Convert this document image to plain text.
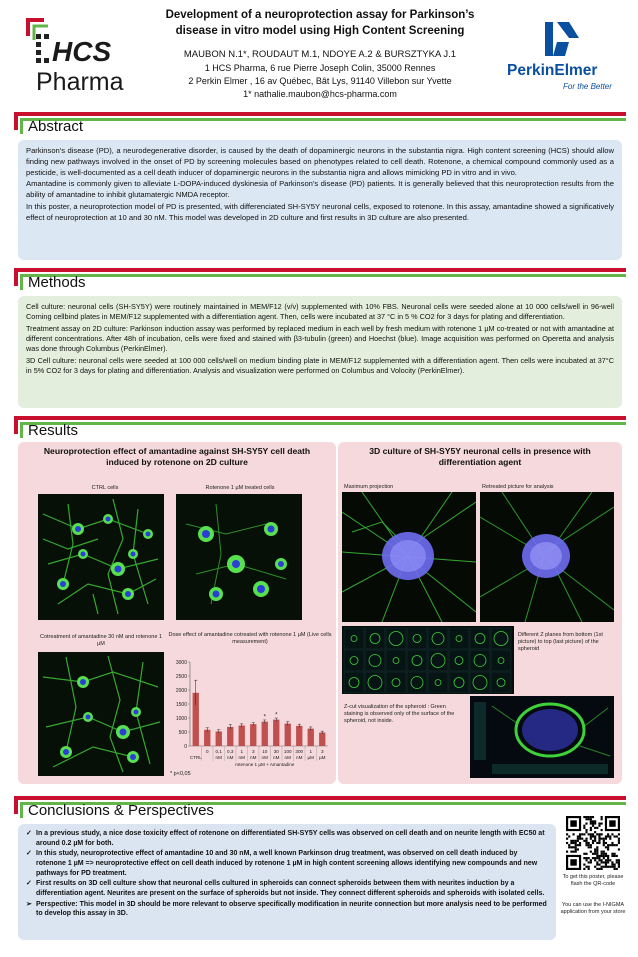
HCS
Pharma
Development of a neuroprotection assay for Parkinson’s
disease in vitro model using High Content Screening
MAUBON N.1*, ROUDAUT M.1, NDOYE A.2 & BURSZTYKA J.1
1 HCS Pharma, 6 rue Pierre Joseph Colin, 35000 Rennes
2 Perkin Elmer , 16 av Québec, Bât Lys, 91140 Villebon sur Yvette
1* nathalie.maubon@hcs-pharma.com
PerkinElmer
For the Better
Abstract

Parkinson's disease (PD), a neurodegenerative disorder, is caused by the death of dopaminergic neurons in the substantia nigra. High content screening (HCS) should allow finding new pathways involved in the onset of PD by screening molecules based on phenotypes related to cell death. Rotenone, a chemical compound commonly used as a pesticide, is well-documented as a cell death inducer of dopaminergic neurons in the substantia nigra and allows mimicking PD in vitro and in vivo.

Amantadine is commonly given to alleviate L-DOPA-induced dyskinesia of Parkinson’s disease (PD) patients. It is generally believed that this neuroprotection results from the ability of amantadine to inhibit glutamatergic NMDA receptor.

In this poster, a neuroprotection model of PD is presented, with differenciated SH-SY5Y neuronal cells, exposed to rotenone. In this assay, amantadine showed a significatively effect of neuroprotection at 10 and 30 nM. This model was developed in 2D culture and first results in 3D culture are also presented.

Methods

Cell culture: neuronal cells (SH-SY5Y) were routinely maintained in MEM/F12 (v/v) supplemented with 10% FBS. Neuronal cells were seeded alone at 10 000 cells/well in 96-well Corning cellbind plates in MEM/F12 supplemented with a differentiation agent. Then, cells were incubated at 37 °C in 5 % CO2 for 3 days for plating and differentiation.

Treatment assay on 2D culture: Parkinson induction assay was performed by replaced medium in each well by fresh medium with rotenone 1 µM co-treated or not with amantadine at different concentrations. After 48h of incubation, cells were fixed and stained with β3-tubulin (green) and Hoechst (blue). Image acquisition was performed on Operetta and analysis was done through Columbus (PerkinElmer).

3D Cell culture: neuronal cells were seeded at 100 000 cells/well on medium binding plate in MEM/F12 supplemented with a differentiation agent. Then cells were incubated at 37°C in 5% CO2 for 3 days for plating and differentiation. Analysis and visualization were performed on Columbus and Volocity (PerkinElmer).

Results
Neuroprotection effect of amantadine against SH-SY5Y cell death induced by rotenone on 2D culture
CTRL cells	Rotenone 1 µM treated cells
Cotreatment of amantadine 30 nM and rotenone 1 µM
Dose effect of amantadine cotreated with rotenone 1 µM (Live cells measurement)
0
500
1000
1500
2000
2500
3000
CTRL
0 0,1
nM
0,3
nM
1
nM
3
nM
*
10
nM
*
30
nM
100
nM
300
nM
1
µM
3
µM
rotenone 1 µM + Amantadine
* p<0,05
3D culture of SH-SY5Y neuronal cells in presence with differentiation agent
Maximum projection	Retreated picture for analysis
Different Z planes from bottom (1st picture) to top (last picture) of the spheroid
Z-cut visualization of the spheroid : Green staining is observed only of the surface of the spheroid, not inside.
Conclusions & Perspectives
✓ In a previous study, a nice dose toxicity effect of rotenone on differentiated SH-SY5Y cells was observed on cell death and on neurite length with EC50 at around 0.2 µM for both.
✓ In this study, neuroprotective effect of amantadine 10 and 30 nM, a well known Parkinson drug treatment, was observed on cell death induced by rotenone 1 µM => neuroprotective effect on cell death induced by rotenone 1 µM in high content screening allows identifying new compounds and new pathways for PD treatment.
✓ First results on 3D cell culture show that neuronal cells cultured in spheroids can connect spheroids between them with neurites induction by a differentiation agent. Neurites are present on the surface of spheroids but not inside. They connect different spheroids and spheroids with isolated cells.
➢ Perspective: This model in 3D should be more relevant to observe specifically modification in neurite connection but more analysis need to be performed to develop this assay in 3D.
To get this poster, please flash the QR-code
You can use the I-NIGMA application from your store
